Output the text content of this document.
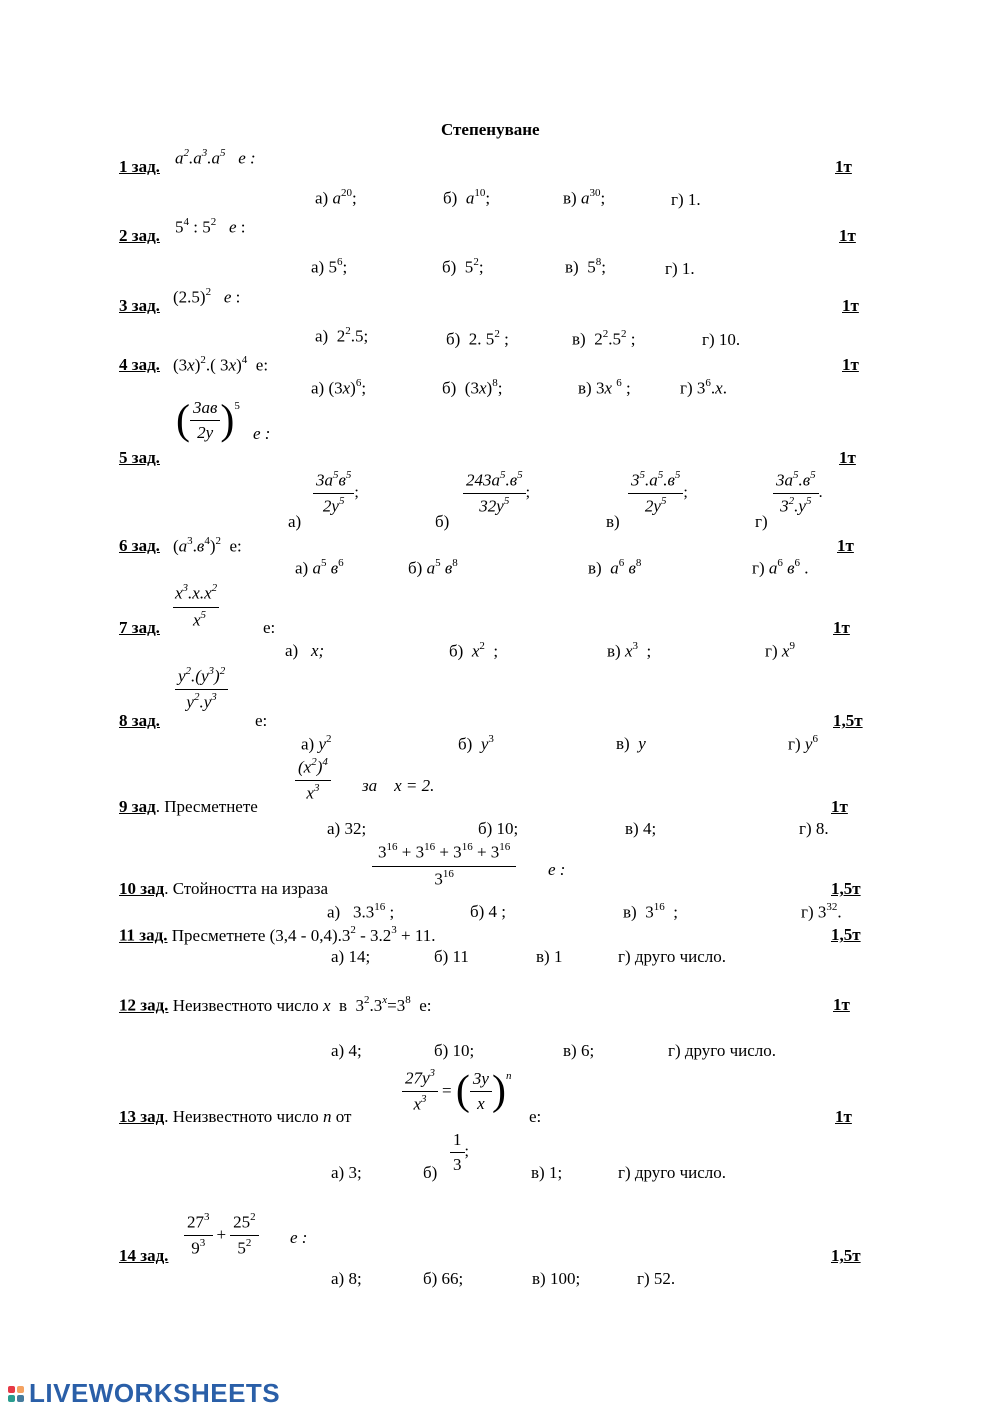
Степенуване
1 зад. $a^2.a^3.a^5$   е :	1т
а) $a^{20}$;	б)  $a^{10}$;	в) $a^{30}$;	г) 1.
2 зад. $5^4$ : $5^2$ е :	1т
а) $5^6$;	б)  $5^2$;	в)  $5^8$;	г) 1.
3 зад. $(2.5)^2$ е :	1т
а)  $2^2.5$;	б)  2. $5^2$ ;	в)  $2^2.5^2$ ;	г) 10.
4 зад. $(3x)^2$.( 3x)$^4$  е:	1т
а) $(3x)^6$;	б)  $(3x)^8$;	в) 3x $^6$ ;	г) $3^6.x$.
( $\frac{3aв}{2y} )^5$
е :
5 зад.	1т
а)
$\frac{3a^5в^5}{2y^5}$ ;
б)
$\frac{243a^5.в^5}{32y^5}$ ;
в)
$\frac{3^5.a^5.в^5}{2y^5}$ ;
г)
$\frac{3a^5.в^5}{3^2.y^5}$ .
6 зад. $(a^3.в^4)^2$  е:	1т
а) $a^5$ $в^6$	б) $a^5$ $в^8$	в)  $a^6$ $в^8$	г) $a^6$ $в^6$ .
$\frac{x^3.x.x^2}{x^5}$	е:
7 зад.	1т
а)   x;	б)  $x^2$  ;	в) $x^3$  ;	г) $x^9$
$\frac{y^2.(y^3)^2}{y^2.y^3}$
е:
8 зад.	1,5т
а) $y^2$	б)  $y^3$	в)  y	г) $y^6$
$\frac{(x^2)^4}{x^3}$ за    x = 2.
9 зад. Пресметнете	1т
а) 32;	б) 10;	в) 4;	г) 8.
$\frac{3^{16} + 3^{16} + 3^{16} + 3^{16}}{3^{16}}$ е :
10 зад. Стойността на израза	1,5т
а)   $3.3^{16}$ ;	б) 4 ;	в)  $3^{16}$  ;	г) $3^{32}$.
11 зад. Пресметнете $(3,4 - 0,4).3^2 - 3.2^3 + 11$.	1,5т
а) 14;	б) 11	в) 1	г) друго число.
12 зад. Неизвестното число x  в  $3^2.3^x=3^8$  е:	1т
а) 4;	б) 10;	в) 6;	г) друго число.
$\frac{27y^3}{x^3}$ = ( $\frac{3y}{x} )^n$
13 зад. Неизвестното число n от	е:	1т
а) 3;	$б) \frac{1}{3}$ ;
в) 1;	г) друго число.
$\frac{27^3}{9^3} + \frac{25^2}{5^2}$ е :
14 зад.	1,5т
а) 8;	б) 66;	в) 100;	г) 52.
LIVEWORKSHEETS
